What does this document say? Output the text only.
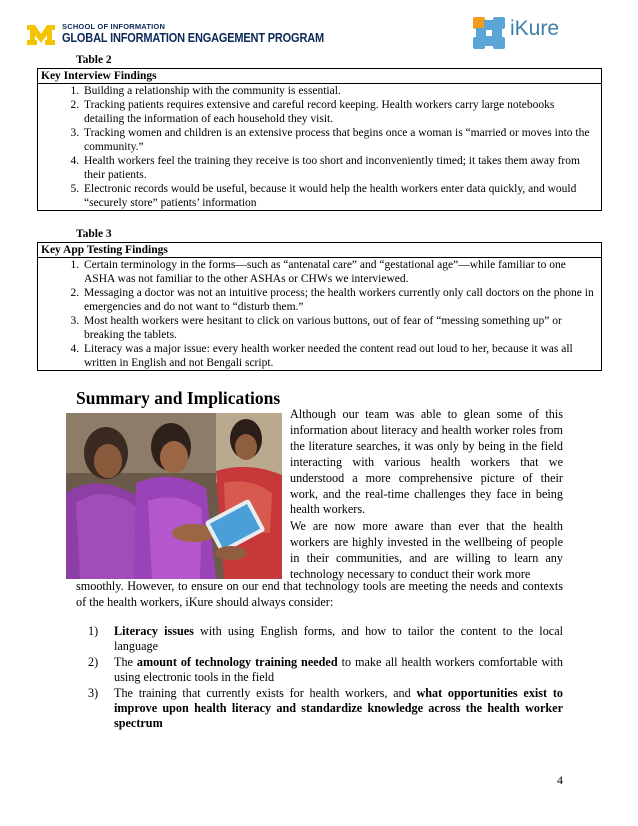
SCHOOL OF INFORMATION
GLOBAL INFORMATION ENGAGEMENT PROGRAM	iKure
Table 2
Key Interview Findings
1. Building a relationship with the community is essential.
2. Tracking patients requires extensive and careful record keeping. Health workers carry large notebooks detailing the information of each household they visit.
3. Tracking women and children is an extensive process that begins once a woman is “married or moves into the community.”
4. Health workers feel the training they receive is too short and inconveniently timed; it takes them away from their patients.
5. Electronic records would be useful, because it would help the health workers enter data quickly, and would “securely store” patients’ information
Table 3
Key App Testing Findings
1. Certain terminology in the forms—such as “antenatal care” and “gestational age”—while familiar to one ASHA was not familiar to the other ASHAs or CHWs we interviewed.
2. Messaging a doctor was not an intuitive process; the health workers currently only call doctors on the phone in emergencies and do not want to “disturb them.”
3. Most health workers were hesitant to click on various buttons, out of fear of “messing something up” or breaking the tablets.
4. Literacy was a major issue: every health worker needed the content read out loud to her, because it was all written in English and not Bengali script.
Summary and Implications
Although our team was able to glean some of this information about literacy and health worker roles from the literature searches, it was only by being in the field interacting with various health workers that we understood a more comprehensive picture of their work, and the real-time challenges they face in being health workers.
We are now more aware than ever that the health workers are highly invested in the wellbeing of people in their communities, and are willing to learn any technology necessary to conduct their work more
smoothly. However, to ensure on our end that technology tools are meeting the needs and contexts of the health workers, iKure should always consider:
1) Literacy issues with using English forms, and how to tailor the content to the local language
2) The amount of technology training needed to make all health workers comfortable with using electronic tools in the field
3) The training that currently exists for health workers, and what opportunities exist to improve upon health literacy and standardize knowledge across the health worker spectrum
4
